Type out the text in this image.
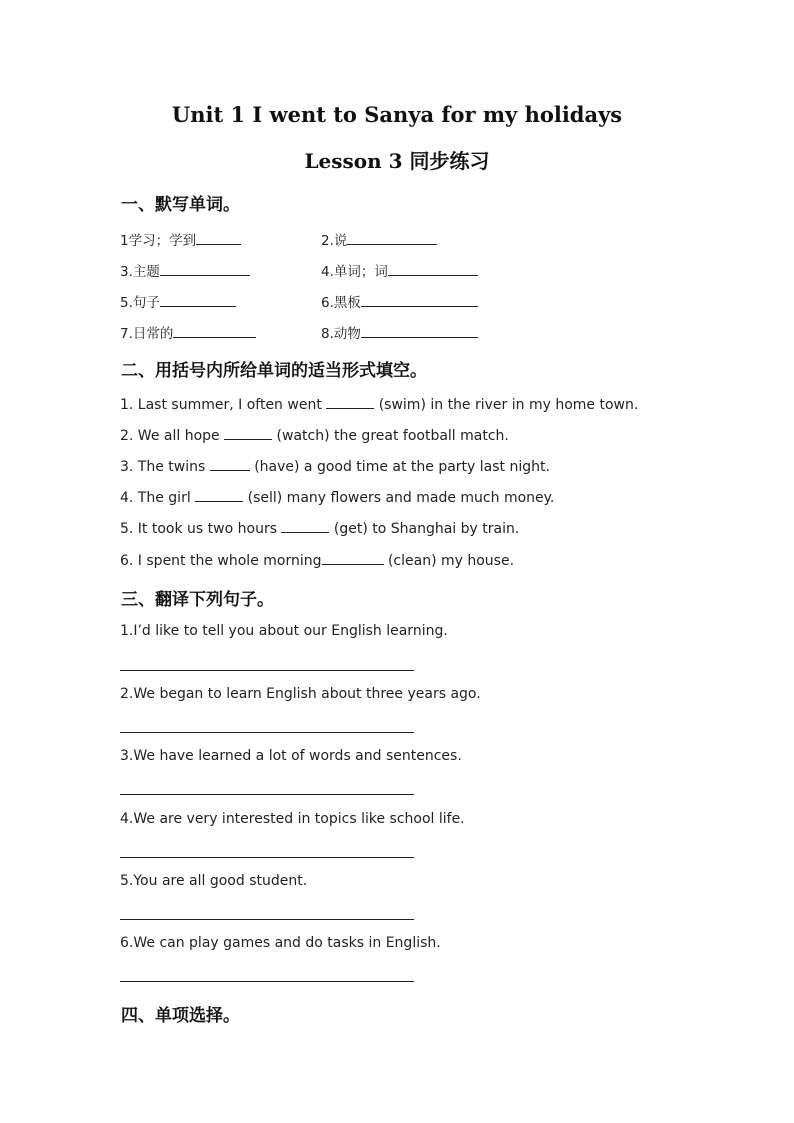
Unit 1 I went to Sanya for my holidays
Lesson 3 同步练习
一、默写单词。
1学习；学到	2.说
3.主题	4.单词；词
5.句子	6.黑板
7.日常的	8.动物
二、用括号内所给单词的适当形式填空。
1. Last summer, I often went	(swim) in the river in my home town.
2. We all hope	(watch) the great football match.
3. The twins	(have) a good time at the party last night.
4. The girl	(sell) many flowers and made much money.
5. It took us two hours	(get) to Shanghai by train.
6. I spent the whole morning	(clean) my house.
三、翻译下列句子。
1.I’d like to tell you about our English learning.
2.We began to learn English about three years ago.
3.We have learned a lot of words and sentences.
4.We are very interested in topics like school life.
5.You are all good student.
6.We can play games and do tasks in English.
四、单项选择。
